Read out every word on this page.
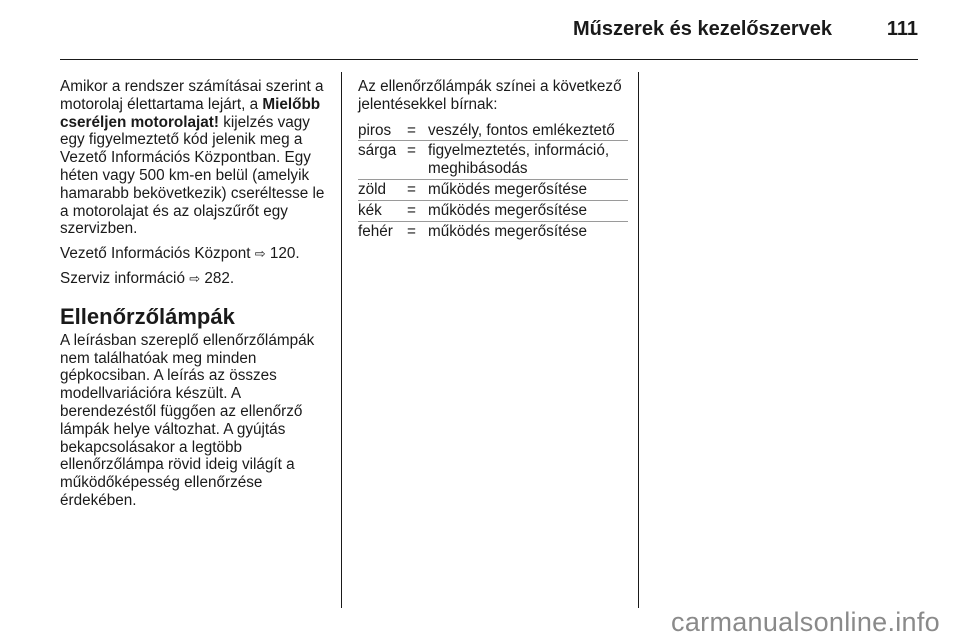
Műszerek és kezelőszervek	111

Amikor a rendszer számításai szerint a motorolaj élettartama lejárt, a Mielőbb cseréljen motorolajat! kijelzés vagy egy figyelmeztető kód jelenik meg a Vezető Információs Központban. Egy héten vagy 500 km-en belül (amelyik hamarabb bekövetkezik) cseréltesse le a motorolajat és az olajszűrőt egy szervizben.

Vezető Információs Központ ⇨ 120.

Szerviz információ ⇨ 282.

Ellenőrzőlámpák

A leírásban szereplő ellenőrzőlámpák nem találhatóak meg minden gépkocsiban. A leírás az összes modellvariációra készült. A berendezéstől függően az ellenőrző lámpák helye változhat. A gyújtás bekapcsolásakor a legtöbb ellenőrzőlámpa rövid ideig világít a működőképesség ellenőrzése érdekében.

Az ellenőrzőlámpák színei a következő jelentésekkel bírnak:

piros	=	veszély, fontos emlékeztető
sárga	=	figyelmeztetés, információ, meghibásodás
zöld	=	működés megerősítése
kék	=	működés megerősítése
fehér	=	működés megerősítése
carmanualsonline.info
